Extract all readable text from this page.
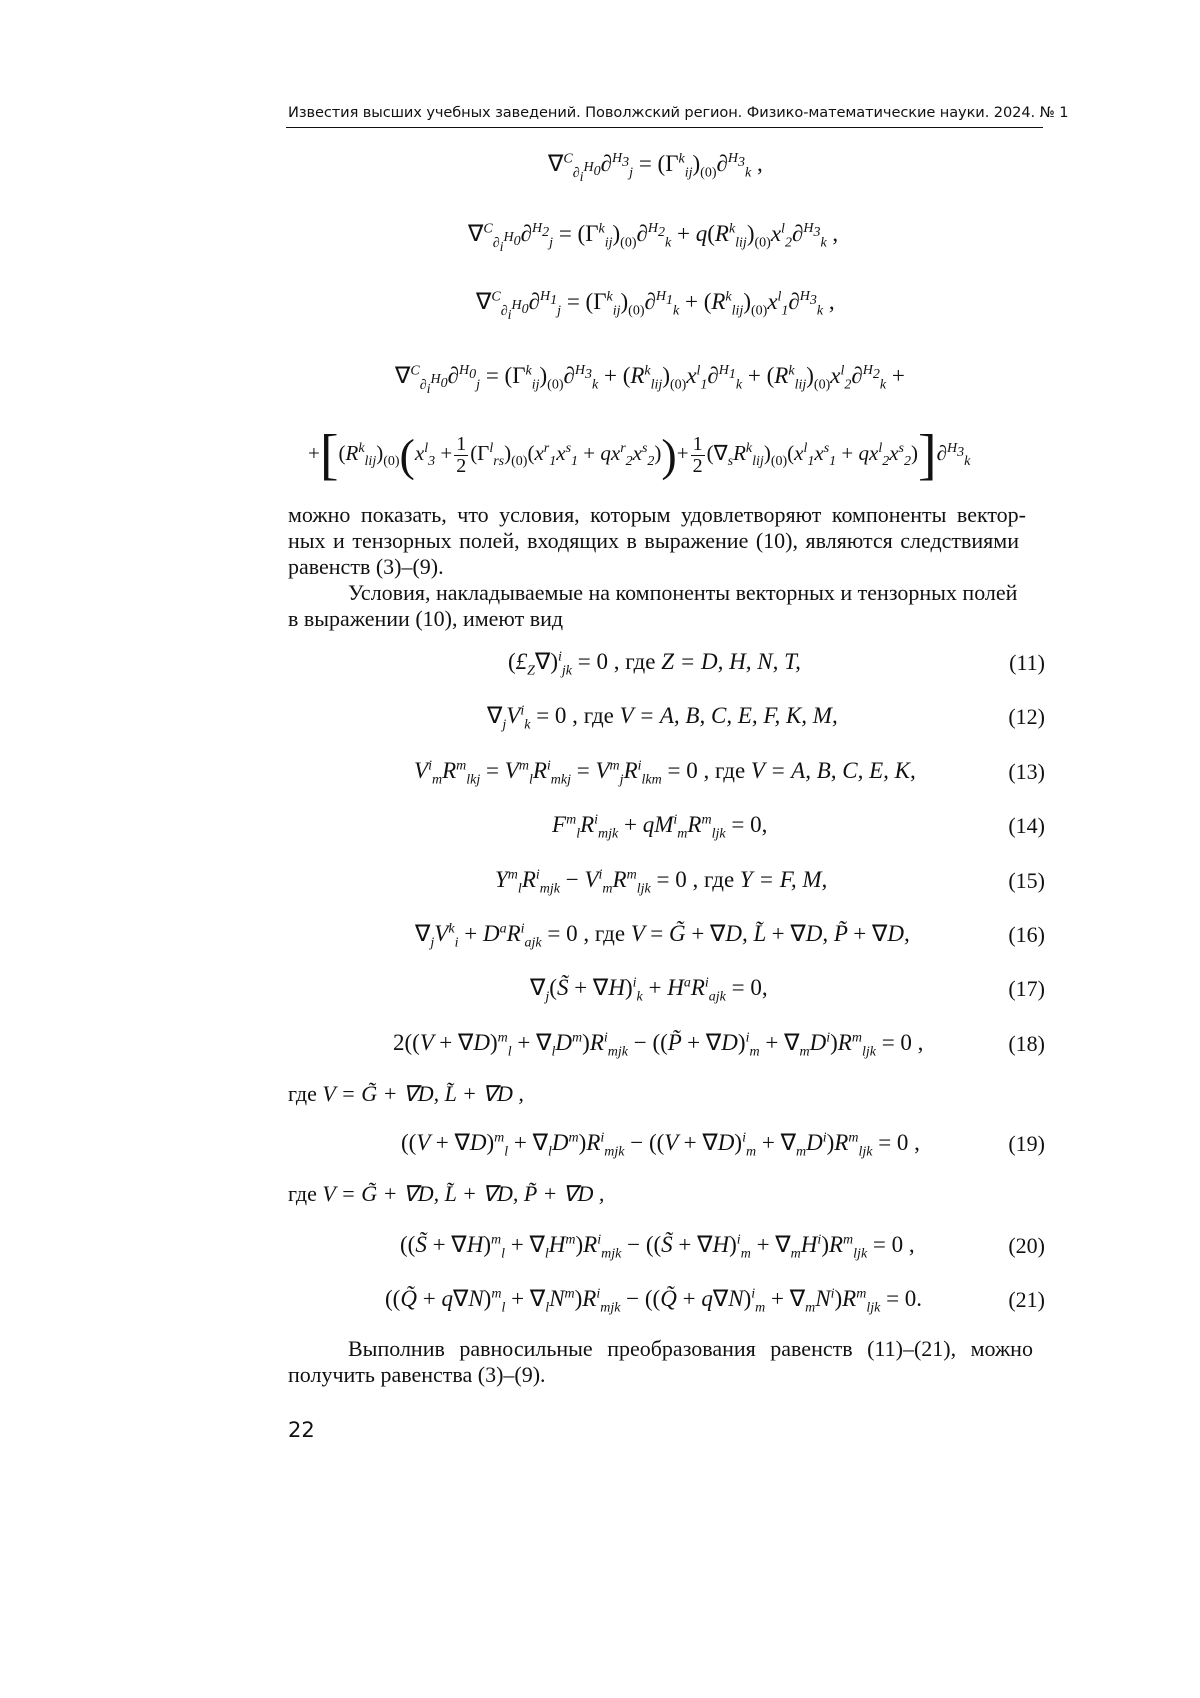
Известия высших учебных заведений. Поволжский регион. Физико-математические науки. 2024. № 1
$\nabla^C_{\partial_i^{H_0}}\partial^{H_3}_j = (\Gamma^k_{ij})_{(0)}\partial^{H_3}_k$ ,
$\nabla^C_{\partial_i^{H_0}}\partial^{H_2}_j = (\Gamma^k_{ij})_{(0)}\partial^{H_2}_k + q(R^k_{lij})_{(0)}x^l_2\partial^{H_3}_k$ ,
$\nabla^C_{\partial_i^{H_0}}\partial^{H_1}_j = (\Gamma^k_{ij})_{(0)}\partial^{H_1}_k + (R^k_{lij})_{(0)}x^l_1\partial^{H_3}_k$ ,
$\nabla^C_{\partial_i^{H_0}}\partial^{H_0}_j = (\Gamma^k_{ij})_{(0)}\partial^{H_3}_k + (R^k_{lij})_{(0)}x^l_1\partial^{H_1}_k + (R^k_{lij})_{(0)}x^l_2\partial^{H_2}_k$ +
$+[(R^k_{lij})_{(0)}(x^l_3 + \frac{1}{2} (\Gamma^l_{rs})_{(0)}(x^r_1x^s_1 + qx^r_2x^s_2))+ \frac{1}{2} (\nabla_sR^k_{lij})_{(0)}(x^l_1x^s_1 + qx^l_2x^s_2)]\partial^{H_3}_k$
можно показать, что условия, которым удовлетворяют компоненты вектор-
ных и тензорных полей, входящих в выражение (10), являются следствиями
равенств (3)–(9).
Условия, накладываемые на компоненты векторных и тензорных полей
в выражении (10), имеют вид
$(£_Z\nabla)^i_{jk} = 0$ , где Z = D, H, N, T,	(11)
$\nabla_jV^i_k = 0$ , где V = A, B, C, E, F, K, M,	(12)
$V^i_mR^m_{lkj} = V^m_lR^i_{mkj} = V^m_jR^i_{lkm} = 0$ , где V = A, B, C, E, K,	(13)
$F^m_lR^i_{mjk} + qM^i_mR^m_{ljk} = 0$,	(14)
$Y^m_lR^i_{mjk} - V^i_mR^m_{ljk} = 0$ , где Y = F, M,	(15)
$\nabla_jV^k_i + D^aR^i_{ajk} = 0$ , где V = G̃ + ∇D, L̃ + ∇D, P̃ + ∇D,	(16)
$\nabla_j(S̃ + \nabla H)^i_k + H^aR^i_{ajk} = 0$,	(17)
$2((V + \nabla D)^m_l + \nabla_lD^m)R^i_{mjk}$ − ((P̃ + $\nabla D)^i_m + \nabla_mD^i)R^m_{ljk} = 0$ ,	(18)
где V = G̃ + ∇D, L̃ + ∇D ,
$((V + \nabla D)^m_l + \nabla_lD^m)R^i_{mjk} - ((V + \nabla D)^i_m + \nabla_mD^i)R^m_{ljk} = 0$ ,	(19)
где V = G̃ + ∇D, L̃ + ∇D, P̃ + ∇D ,
((S̃ + $\nabla H)^m_l + \nabla_lH^m)R^i_{mjk}$ − ((S̃ + $\nabla H)^i_m + \nabla_mH^i)R^m_{ljk} = 0$ ,	(20)
((Q̃ + $q\nabla N)^m_l + \nabla_lN^m)R^i_{mjk}$ − ((Q̃ + $q\nabla N)^i_m + \nabla_mN^i)R^m_{ljk} = 0$.	(21)
Выполнив равносильные преобразования равенств (11)–(21), можно
получить равенства (3)–(9).
22
